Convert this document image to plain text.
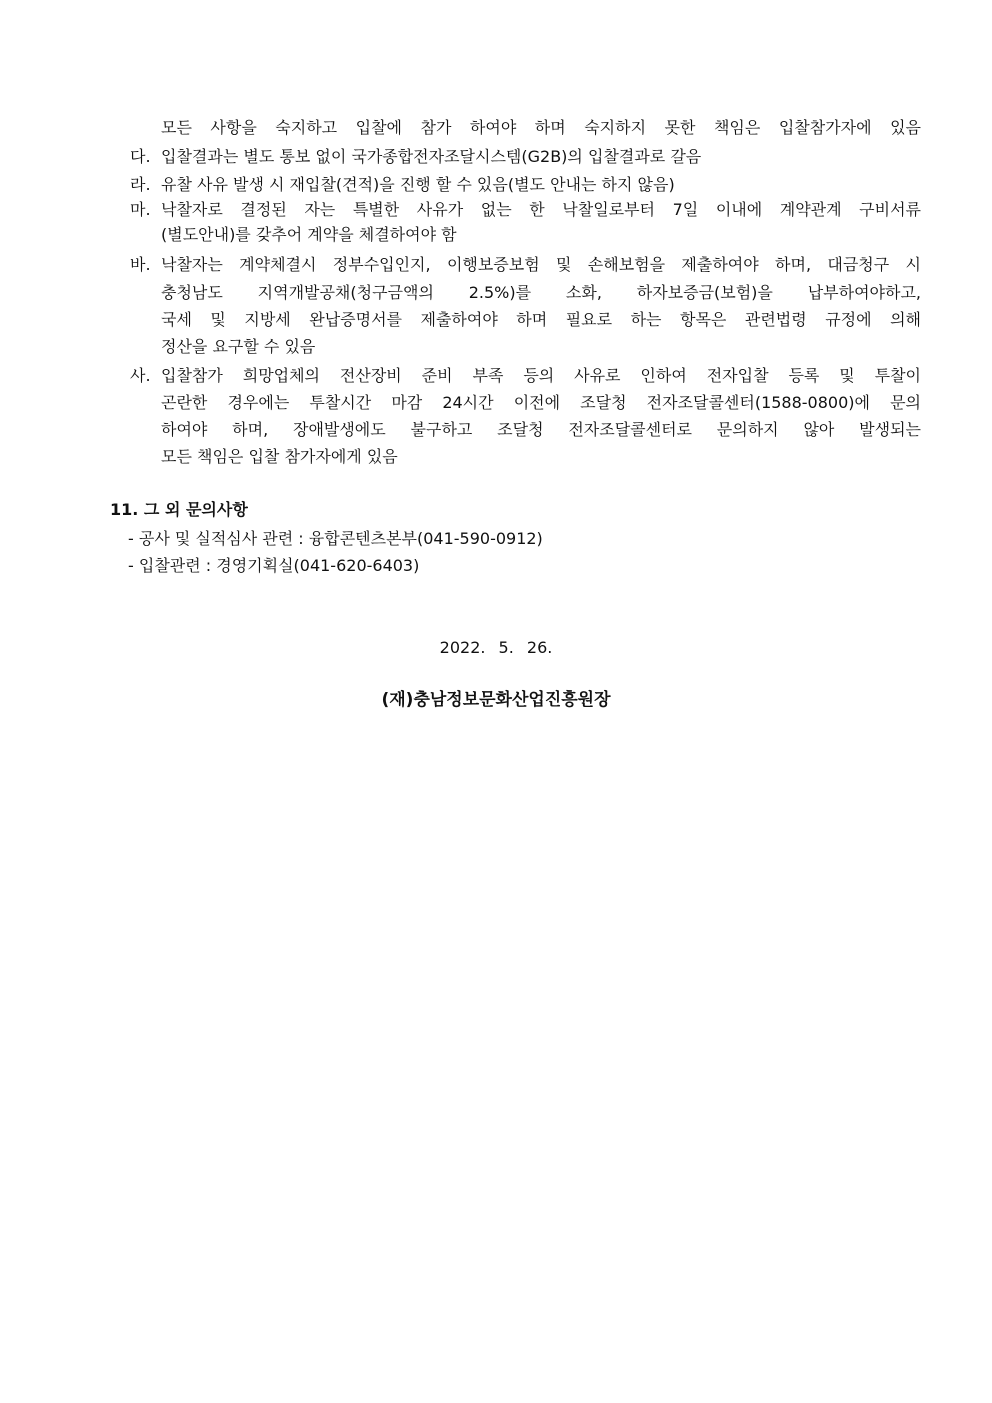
모든 사항을 숙지하고 입찰에 참가 하여야 하며 숙지하지 못한 책임은 입찰참가자에 있음
다. 입찰결과는 별도 통보 없이 국가종합전자조달시스템(G2B)의 입찰결과로 갈음
라. 유찰 사유 발생 시 재입찰(견적)을 진행 할 수 있음(별도 안내는 하지 않음)
마. 낙찰자로 결정된 자는 특별한 사유가 없는 한 낙찰일로부터 7일 이내에 계약관계 구비서류
(별도안내)를 갖추어 계약을 체결하여야 함
바. 낙찰자는 계약체결시 정부수입인지, 이행보증보험 및 손해보험을 제출하여야 하며, 대금청구 시
충청남도 지역개발공채(청구금액의 2.5%)를 소화, 하자보증금(보험)을 납부하여야하고,
국세 및 지방세 완납증명서를 제출하여야 하며 필요로 하는 항목은 관련법령 규정에 의해
정산을 요구할 수 있음
사. 입찰참가 희망업체의 전산장비 준비 부족 등의 사유로 인하여 전자입찰 등록 및 투찰이
곤란한 경우에는 투찰시간 마감 24시간 이전에 조달청 전자조달콜센터(1588-0800)에 문의
하여야 하며, 장애발생에도 불구하고 조달청 전자조달콜센터로 문의하지 않아 발생되는
모든 책임은 입찰 참가자에게 있음
11. 그 외 문의사항
- 공사 및 실적심사 관련 : 융합콘텐츠본부(041-590-0912)
- 입찰관련 : 경영기획실(041-620-6403)
2022. 5. 26.
(재)충남정보문화산업진흥원장
